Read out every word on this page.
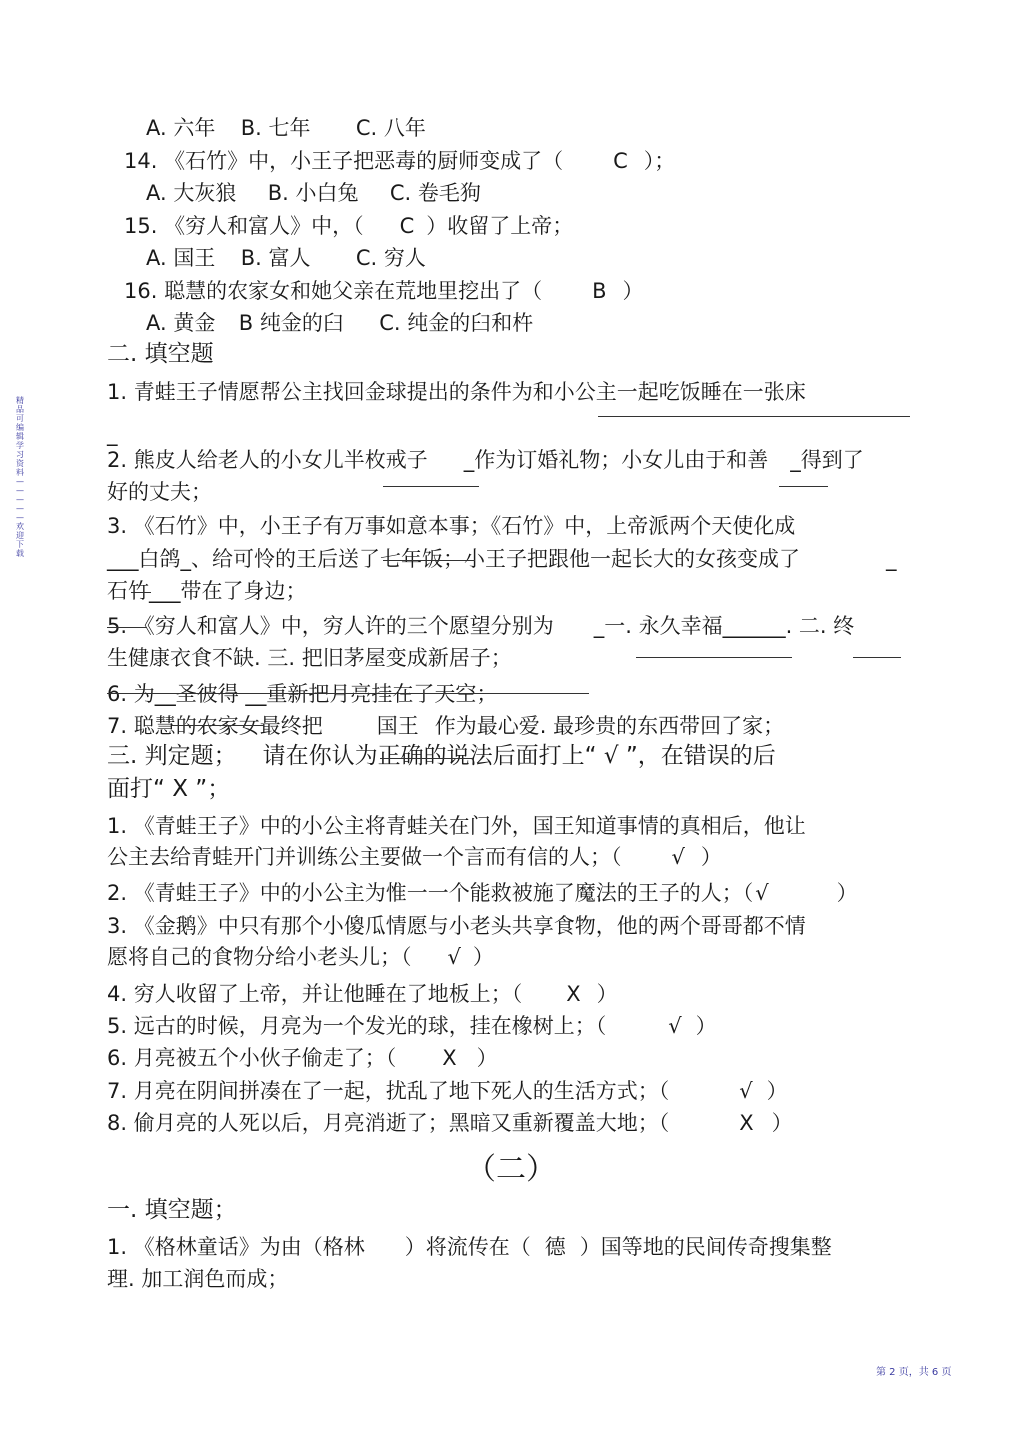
精品可编辑学习资料 — — — — — 欢迎下载
A. 六年 B. 七年 C. 八年
14. 《石竹》中，小王子把恶毒的厨师变成了（ C ）；
A. 大灰狼 B. 小白兔 C. 卷毛狗
15. 《穷人和富人》中，（ C ）收留了上帝；
A. 国王 B. 富人 C. 穷人
16. 聪慧的农家女和她父亲在荒地里挖出了（ B ）
A. 黄金 B 纯金的臼 C. 纯金的臼和杵
二. 填空题
1. 青蛙王子情愿帮公主找回金球提出的条件为和小公主一起吃饭睡在一张床
_
2. 熊皮人给老人的小女儿半枚戒子 _作为订婚礼物；小女儿由于和善 _得到了
好的丈夫；
3. 《石竹》中，小王子有万事如意本事；《石竹》中，上帝派两个天使化成
___白鸽_、给可怜的王后送了七年饭；小王子把跟他一起长大的女孩变成了	_
石竹___带在了身边；
5. 《穷人和富人》中，穷人许的三个愿望分别为 _一. 永久幸福______. 二. 终
生健康衣食不缺. 三. 把旧茅屋变成新居子；
6. 为__圣彼得 __重新把月亮挂在了天空；
7. 聪慧的农家女最终把	国王 作为最心爱. 最珍贵的东西带回了家；
三. 判定题； 请在你认为正确的说法后面打上“ √ ”，在错误的后
面打“ X ”；
1. 《青蛙王子》中的小公主将青蛙关在门外，国王知道事情的真相后，他让
公主去给青蛙开门并训练公主要做一个言而有信的人；（ √ ）
2. 《青蛙王子》中的小公主为惟一一个能救被施了魔法的王子的人；（√	）
3. 《金鹅》中只有那个小傻瓜情愿与小老头共享食物，他的两个哥哥都不情
愿将自己的食物分给小老头儿；（ √ ）
4. 穷人收留了上帝，并让他睡在了地板上；（ X ）
5. 远古的时候，月亮为一个发光的球，挂在橡树上；（	√ ）
6. 月亮被五个小伙子偷走了；（ X ）
7. 月亮在阴间拼凑在了一起，扰乱了地下死人的生活方式；（	√ ）
8. 偷月亮的人死以后，月亮消逝了；黑暗又重新覆盖大地；（	X ）
（二）
一. 填空题；
1. 《格林童话》为由（格林 ）将流传在（ 德 ）国等地的民间传奇搜集整
理. 加工润色而成；
第 2 页，共 6 页
